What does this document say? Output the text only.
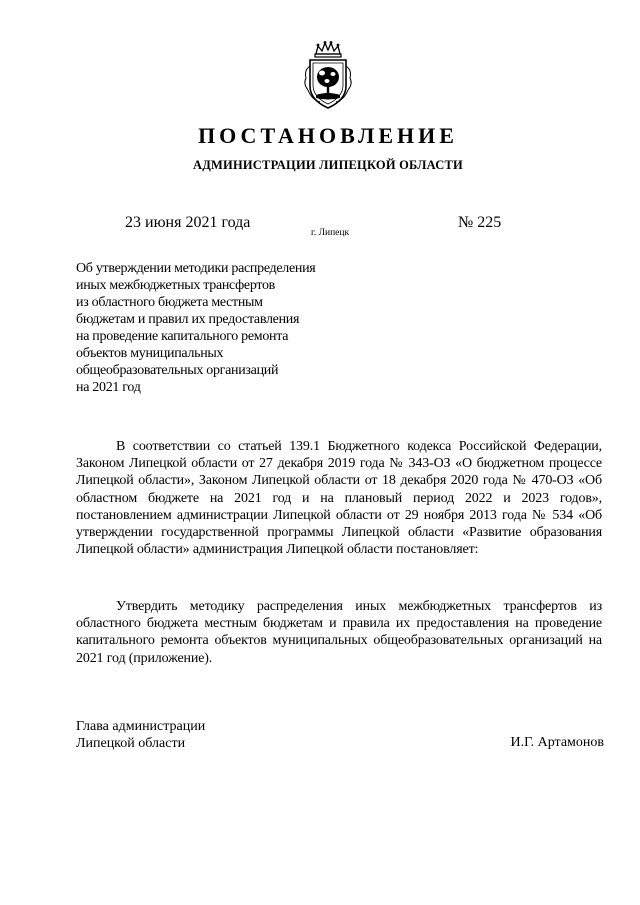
ПОСТАНОВЛЕНИЕ
АДМИНИСТРАЦИИ ЛИПЕЦКОЙ ОБЛАСТИ
23 июня 2021 года
г. Липецк
№ 225
Об утверждении методики распределения
иных межбюджетных трансфертов
из областного бюджета местным
бюджетам и правил их предоставления
на проведение капитального ремонта
объектов муниципальных
общеобразовательных организаций
на 2021 год

В соответствии со статьей 139.1 Бюджетного кодекса Российской Федерации, Законом Липецкой области от 27 декабря 2019 года № 343-ОЗ «О бюджетном процессе Липецкой области», Законом Липецкой области от 18 декабря 2020 года № 470-ОЗ «Об областном бюджете на 2021 год и на плановый период 2022 и 2023 годов», постановлением администрации Липецкой области от 29 ноября 2013 года № 534 «Об утверждении государственной программы Липецкой области «Развитие образования Липецкой области» администрация Липецкой области постановляет:

Утвердить методику распределения иных межбюджетных трансфертов из областного бюджета местным бюджетам и правила их предоставления на проведение капитального ремонта объектов муниципальных общеобразовательных организаций на 2021 год (приложение).

Глава администрации
Липецкой области	И.Г. Артамонов
